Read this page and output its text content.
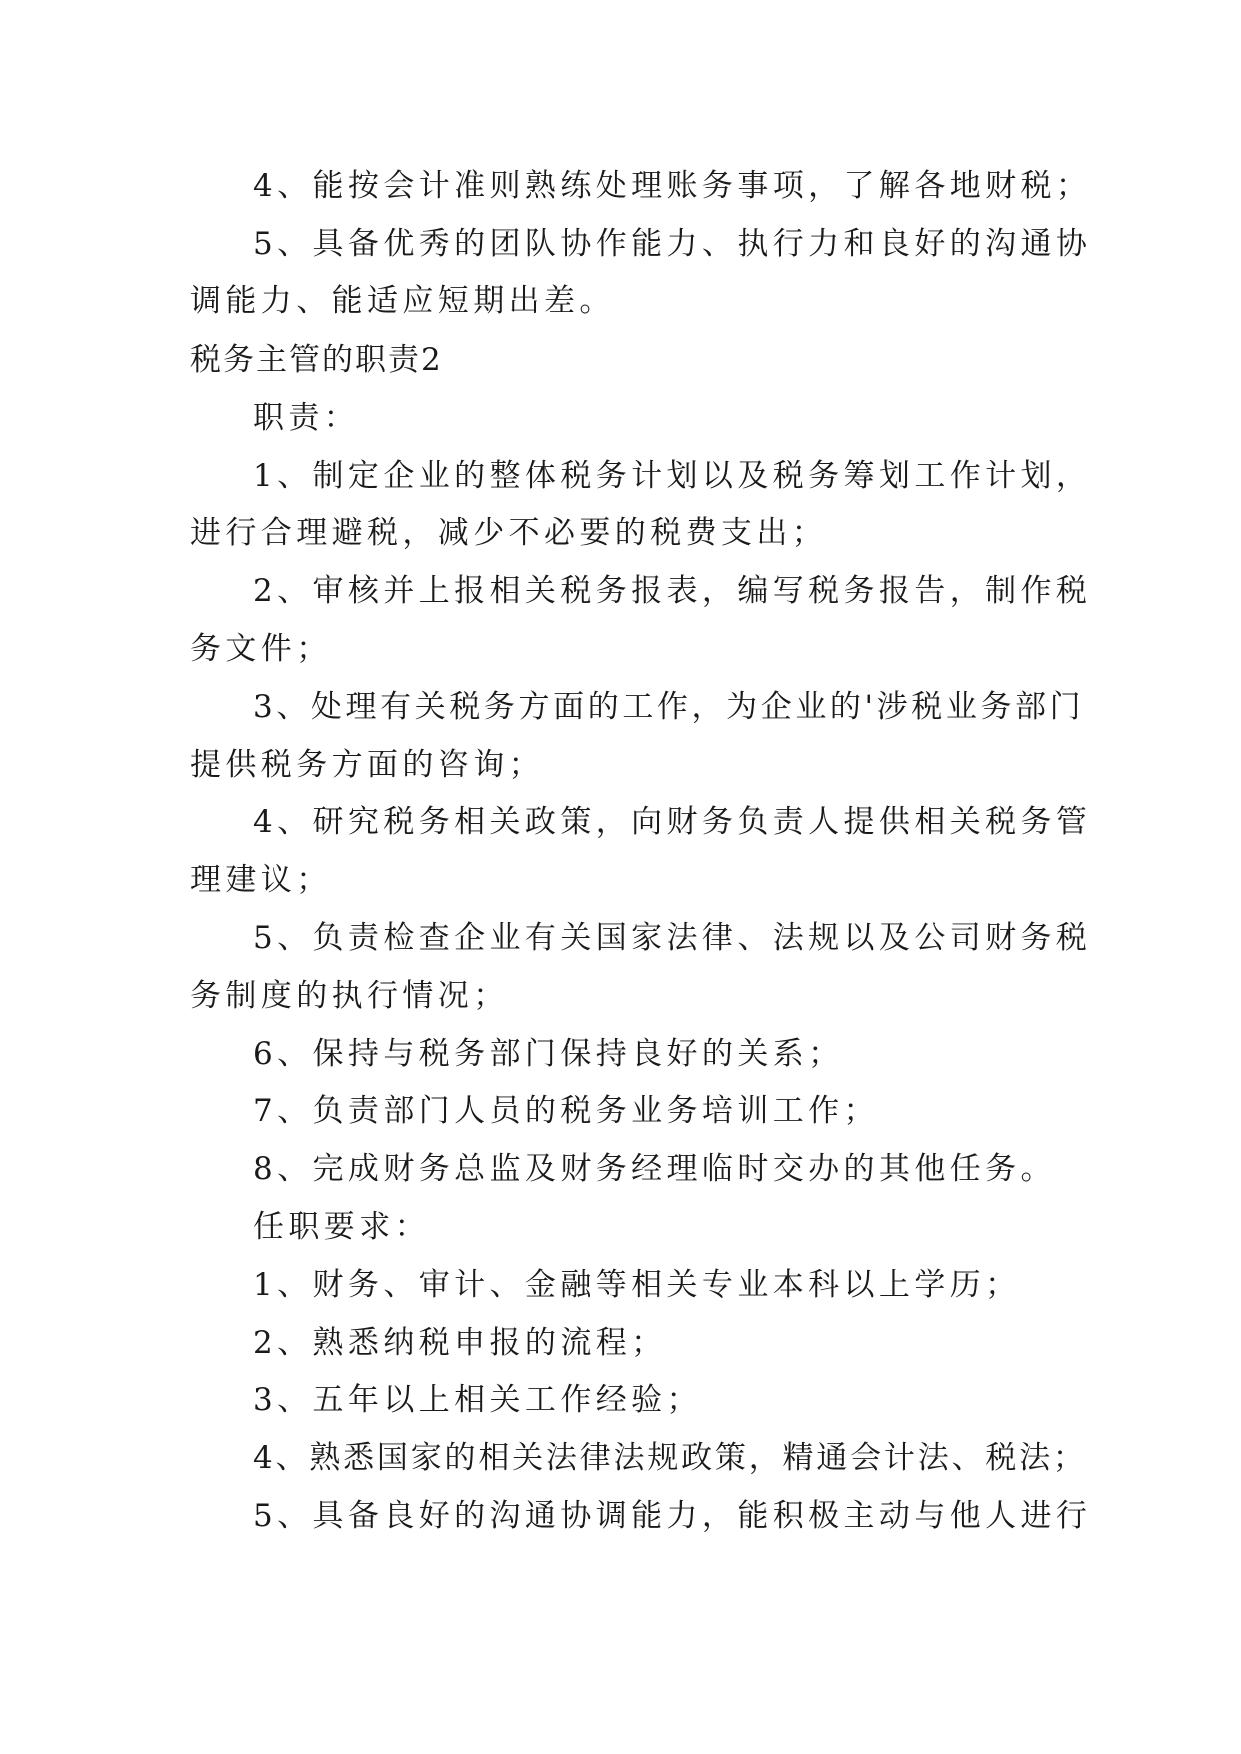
4、能按会计准则熟练处理账务事项，了解各地财税；
5、具备优秀的团队协作能力、执行力和良好的沟通协
调能力、能适应短期出差。
税务主管的职责2
职责：
1、制定企业的整体税务计划以及税务筹划工作计划，
进行合理避税，减少不必要的税费支出；
2、审核并上报相关税务报表，编写税务报告，制作税
务文件；
3、处理有关税务方面的工作，为企业的'涉税业务部门
提供税务方面的咨询；
4、研究税务相关政策，向财务负责人提供相关税务管
理建议；
5、负责检查企业有关国家法律、法规以及公司财务税
务制度的执行情况；
6、保持与税务部门保持良好的关系；
7、负责部门人员的税务业务培训工作；
8、完成财务总监及财务经理临时交办的其他任务。
任职要求：
1、财务、审计、金融等相关专业本科以上学历；
2、熟悉纳税申报的流程；
3、五年以上相关工作经验；
4、熟悉国家的相关法律法规政策，精通会计法、税法；
5、具备良好的沟通协调能力，能积极主动与他人进行
